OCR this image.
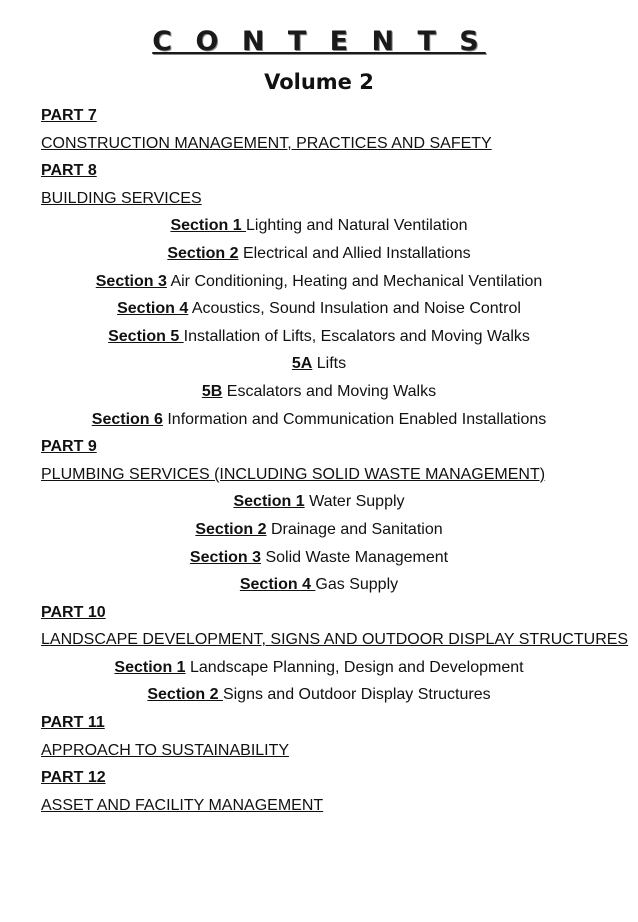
C O N T E N T S
Volume 2
PART 7
CONSTRUCTION MANAGEMENT, PRACTICES AND SAFETY
PART 8
BUILDING SERVICES
Section 1 Lighting and Natural Ventilation
Section 2 Electrical and Allied Installations
Section 3 Air Conditioning, Heating and Mechanical Ventilation
Section 4 Acoustics, Sound Insulation and Noise Control
Section 5 Installation of Lifts, Escalators and Moving Walks
5A Lifts
5B Escalators and Moving Walks
Section 6 Information and Communication Enabled Installations
PART 9
PLUMBING SERVICES (INCLUDING SOLID WASTE MANAGEMENT)
Section 1 Water Supply
Section 2 Drainage and Sanitation
Section 3 Solid Waste Management
Section 4 Gas Supply
PART 10
LANDSCAPE DEVELOPMENT, SIGNS AND OUTDOOR DISPLAY STRUCTURES
Section 1 Landscape Planning, Design and Development
Section 2 Signs and Outdoor Display Structures
PART 11
APPROACH TO SUSTAINABILITY
PART 12
ASSET AND FACILITY MANAGEMENT
